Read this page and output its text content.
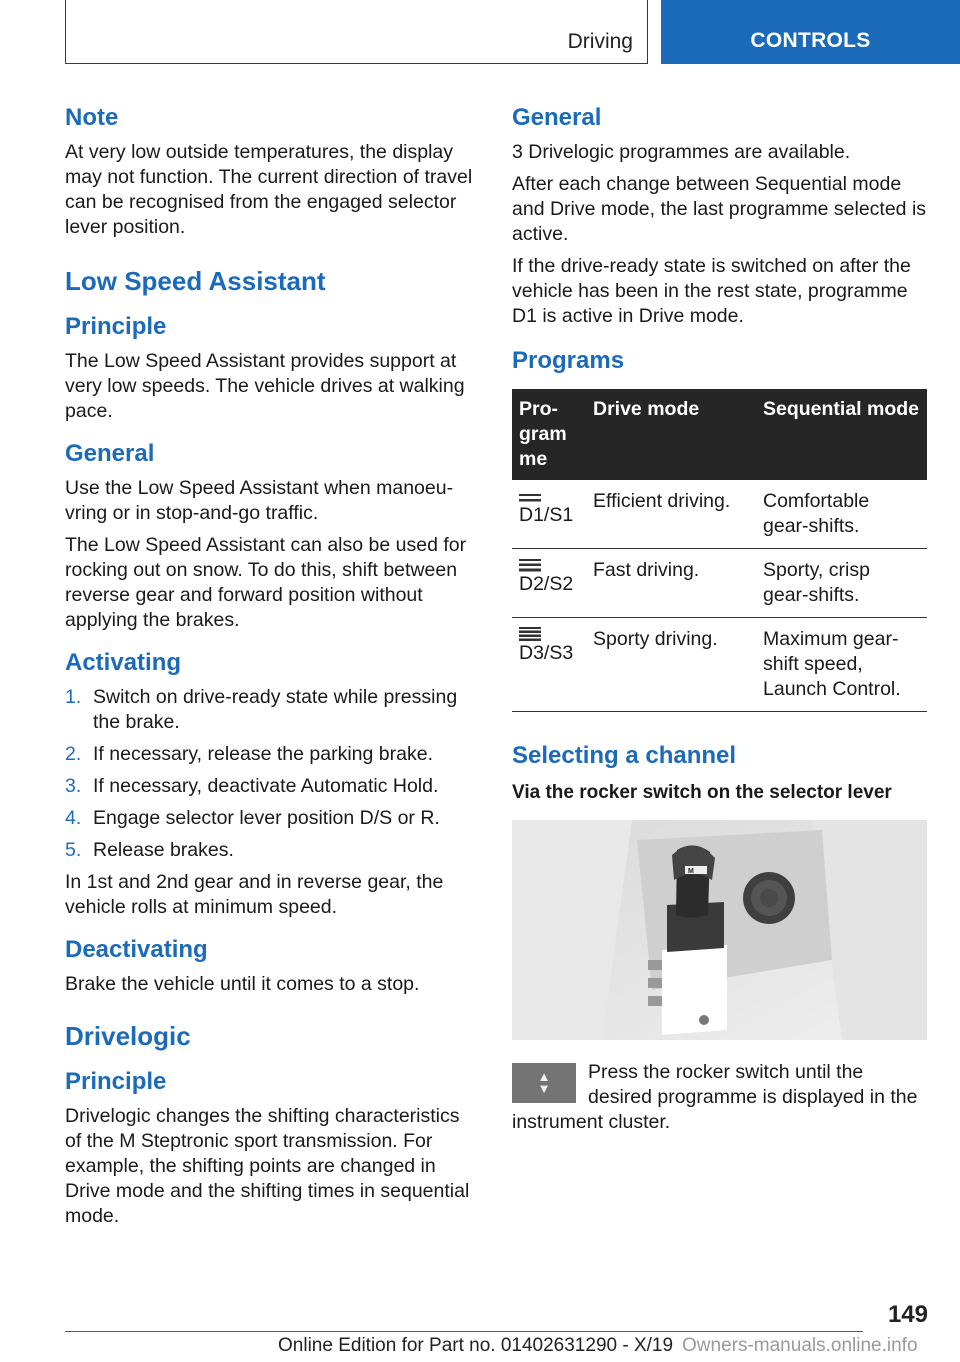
Driving	CONTROLS
Note

At very low outside temperatures, the display may not function. The current direction of travel can be recognised from the engaged selector lever position.

Low Speed Assistant
Principle

The Low Speed Assistant provides support at very low speeds. The vehicle drives at walking pace.

General

Use the Low Speed Assistant when manoeuvring or in stop-and-go traffic.

The Low Speed Assistant can also be used for rocking out on snow. To do this, shift between reverse gear and forward position without applying the brakes.

Activating
1. Switch on drive-ready state while pressing the brake.
2. If necessary, release the parking brake.
3. If necessary, deactivate Automatic Hold.
4. Engage selector lever position D/S or R.
5. Release brakes.

In 1st and 2nd gear and in reverse gear, the vehicle rolls at minimum speed.

Deactivating

Brake the vehicle until it comes to a stop.

Drivelogic
Principle

Drivelogic changes the shifting characteristics of the M Steptronic sport transmission. For example, the shifting points are changed in Drive mode and the shifting times in sequential mode.

General

3 Drivelogic programmes are available.

After each change between Sequential mode and Drive mode, the last programme selected is active.

If the drive-ready state is switched on after the vehicle has been in the rest state, programme D1 is active in Drive mode.

Programs
Pro-
gram
me	Drive mode	Sequential mode

D1/S1	Efficient driving.	Comfortable gear-shifts.

D2/S2	Fast driving.	Sporty, crisp gear-shifts.

D3/S3	Sporty driving.	Maximum gear-shift speed, Launch Control.
Selecting a channel
Via the rocker switch on the selector lever
M
▲
▼

Press the rocker switch until the desired programme is displayed in the instrument cluster.

149
Online Edition for Part no. 01402631290 - X/19 Owners-manuals.online.info
